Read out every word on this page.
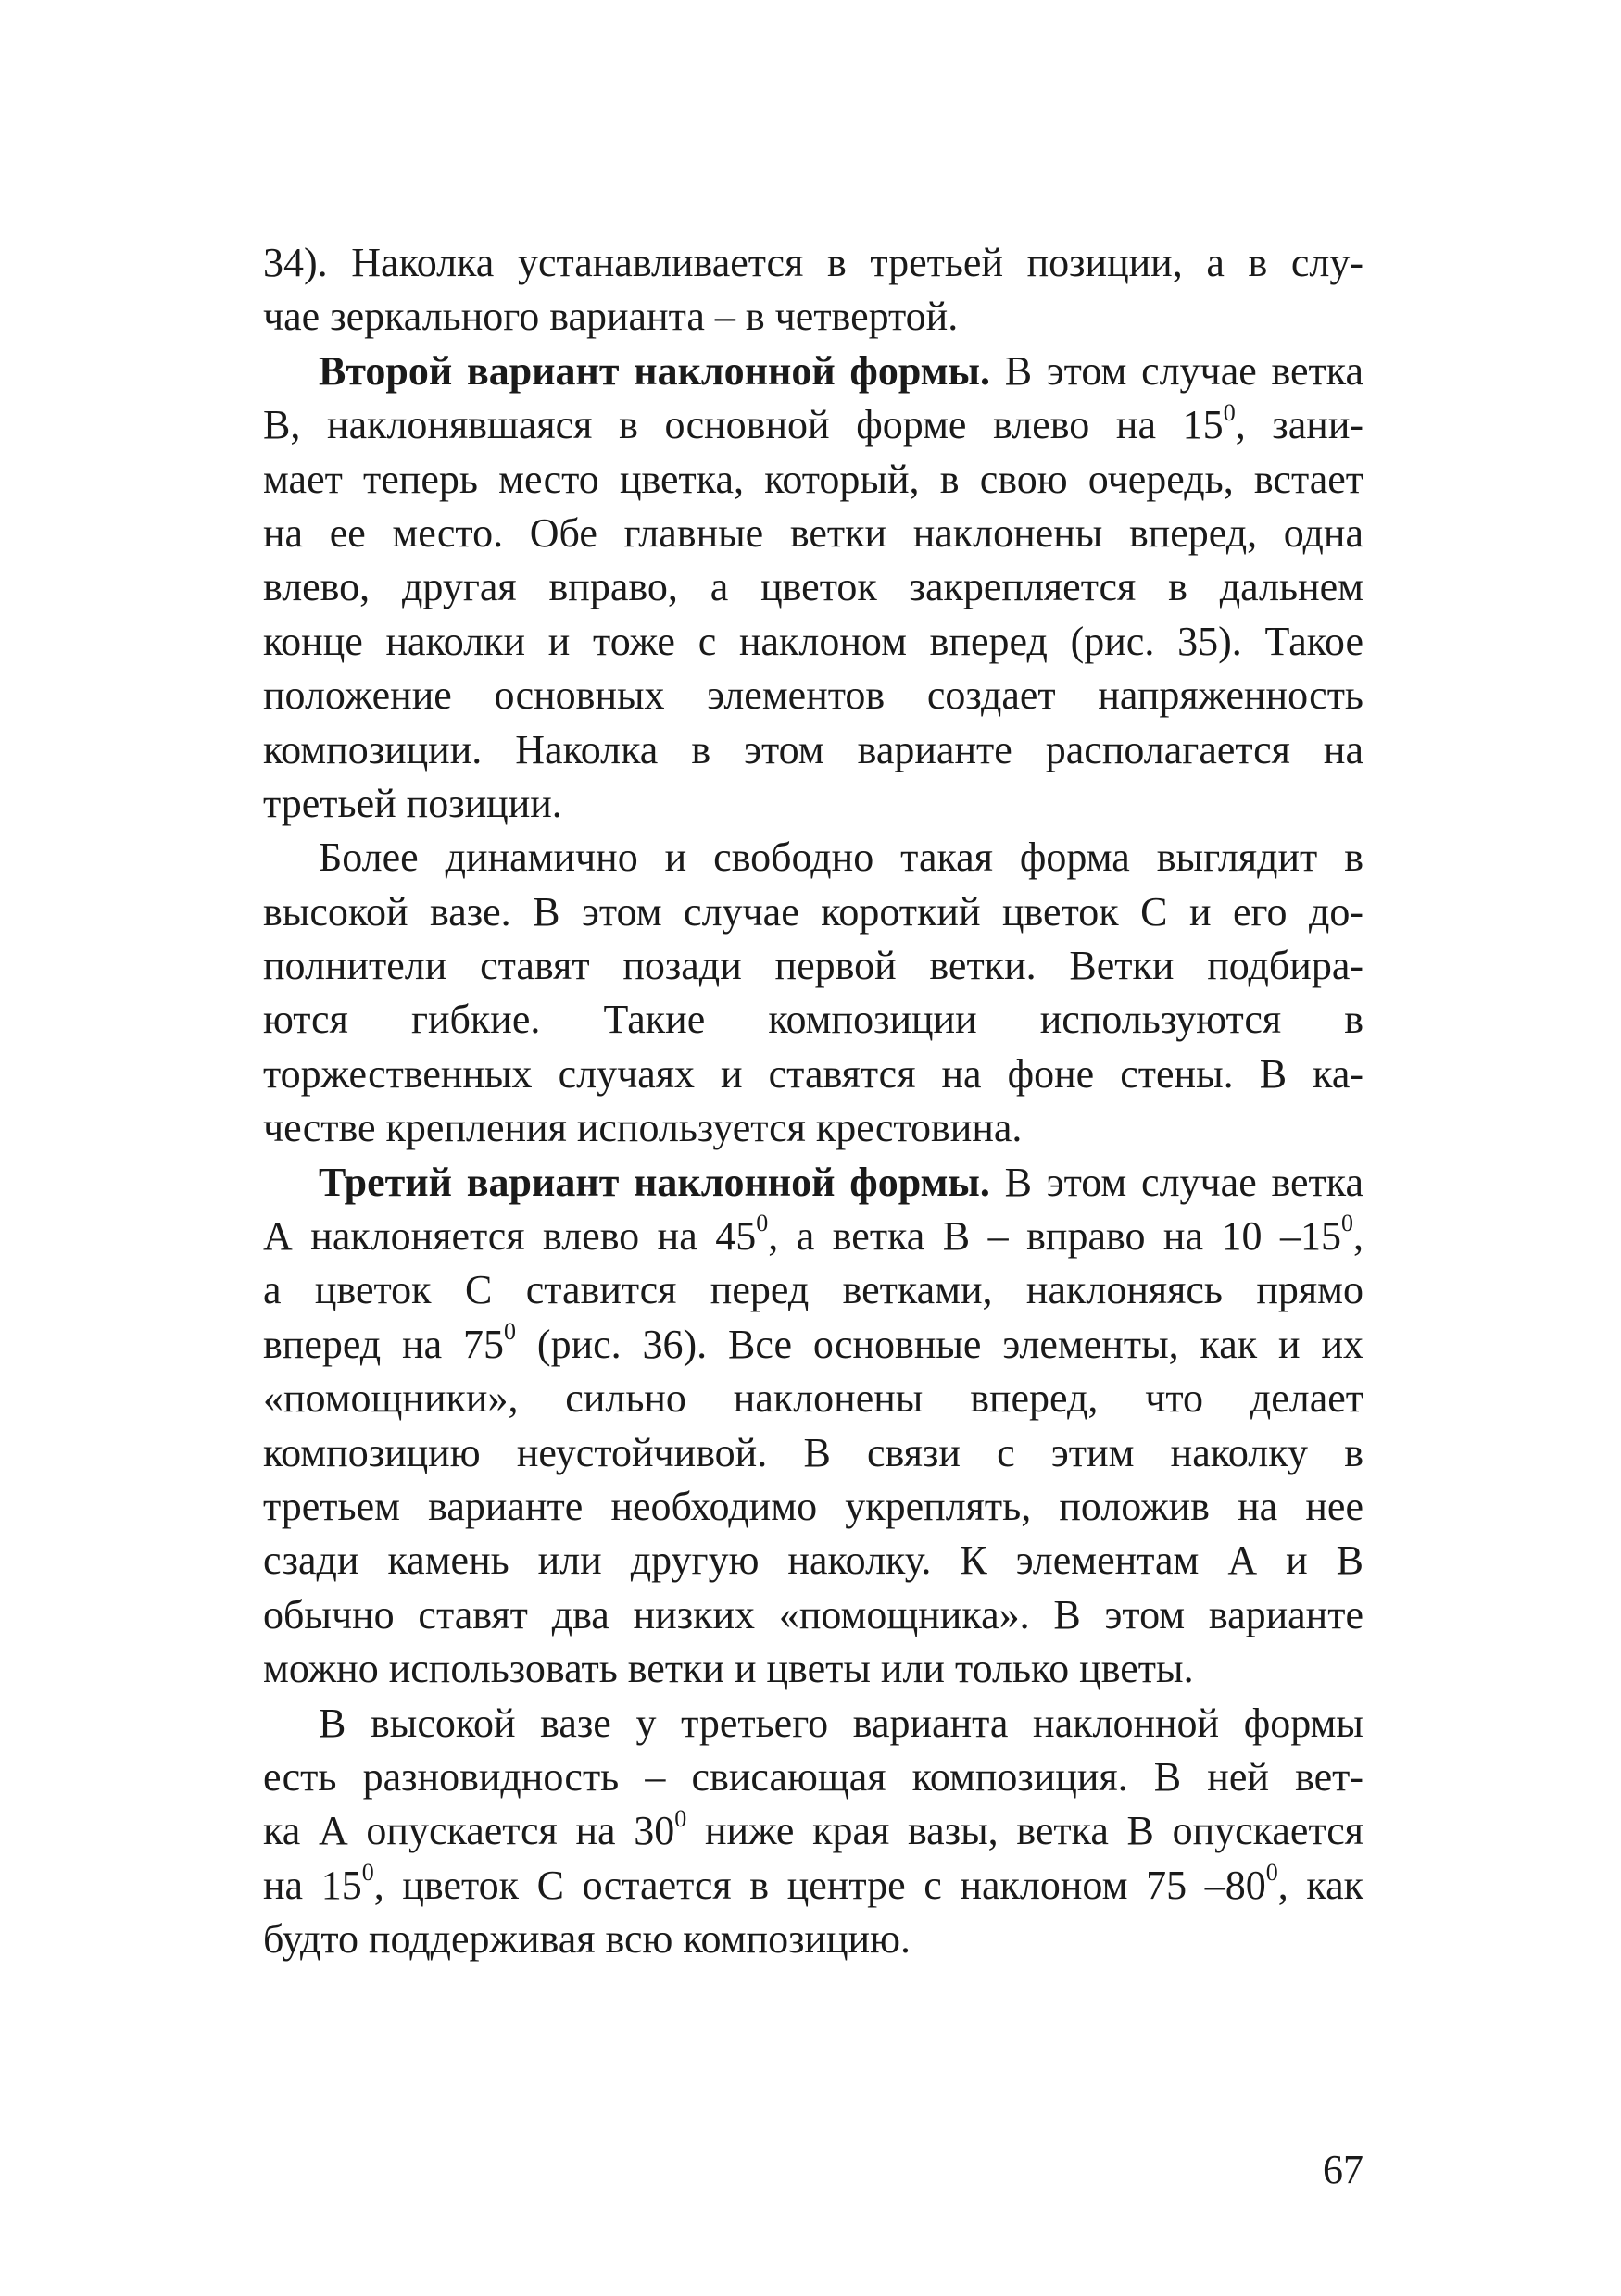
34). Наколка устанавливается в третьей позиции, а в слу-
чае зеркального варианта – в четвертой.
Второй вариант наклонной формы. В этом случае ветка
В, наклонявшаяся в основной форме влево на $15^0$, зани-
мает теперь место цветка, который, в свою очередь, встает
на ее место. Обе главные ветки наклонены вперед, одна
влево, другая вправо, а цветок закрепляется в дальнем
конце наколки и тоже с наклоном вперед (рис. 35). Такое
положение основных элементов создает напряженность
композиции. Наколка в этом варианте располагается на
третьей позиции.
Более динамично и свободно такая форма выглядит в
высокой вазе. В этом случае короткий цветок С и его до-
полнители ставят позади первой ветки. Ветки подбира-
ются гибкие. Такие композиции используются в
торжественных случаях и ставятся на фоне стены. В ка-
честве крепления используется крестовина.
Третий вариант наклонной формы. В этом случае ветка
А наклоняется влево на $45^0$, а ветка В – вправо на 10 $-15^0$,
а цветок С ставится перед ветками, наклоняясь прямо
вперед на $75^0$ (рис. 36). Все основные элементы, как и их
«помощники», сильно наклонены вперед, что делает
композицию неустойчивой. В связи с этим наколку в
третьем варианте необходимо укреплять, положив на нее
сзади камень или другую наколку. К элементам А и В
обычно ставят два низких «помощника». В этом варианте
можно использовать ветки и цветы или только цветы.
В высокой вазе у третьего варианта наклонной формы
есть разновидность – свисающая композиция. В ней вет-
ка А опускается на $30^0$ ниже края вазы, ветка В опускается
на $15^0$, цветок С остается в центре с наклоном 75 $-80^0$, как
будто поддерживая всю композицию.
67
